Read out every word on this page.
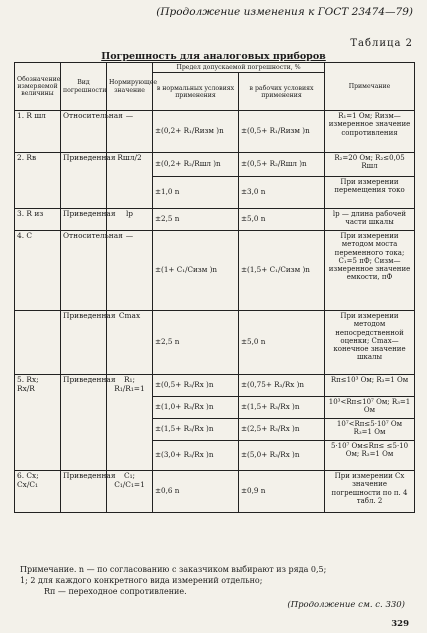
(Продолжение изменения к ГОСТ 23474—79)
Таблица 2
Погрешность для аналоговых приборов
Обозначение измеряемой величины	Вид погрешности	Нормирующее значение	Предел допускаемой погрешности, %		Примечание
			в нормальных условиях применения	в рабочих условиях применения	
1. R шл	Относительная	—	±(0,2+ R₁/Rизм )n	±(0,5+ R₁/Rизм )n	R₁=1 Ом; Rизм—измеренное значение сопротивления
2. Rв	Приведенная	Rшл/2	±(0,2+ R₂/Rшл )n	±(0,5+ R₂/Rшл )n	R₂=20 Ом; R₂≤0,05 Rшл
			±1,0 n	±3,0 n	При измерении перемещения токо
3. R из	Приведенная	lр	±2,5 n	±5,0 n	lр — длина рабочей части шкалы
4. C	Относительная	—	±(1+ C₁/Cизм )n	±(1,5+ C₁/Cизм )n	При измерении методом моста переменного тока; C₁=5 пФ; Cизм—измеренное значение емкости, пФ
	Приведенная	Cmax	±2,5 n	±5,0 n	При измерении методом непосредственной оценки; Cmax—конечное значение шкалы
5. Rx; Rx/R	Приведенная	R₁; R₁/R₁=1	±(0,5+ R₃/Rx )n	±(0,75+ R₃/Rx )n	Rп≤10³ Ом; R₃=1 Ом
			±(1,0+ R₃/Rx )n	±(1,5+ R₃/Rx )n	10³<Rп≤10⁷ Ом; R₃=1 Ом
			±(1,5+ R₃/Rx )n	±(2,5+ R₃/Rx )n	10⁷<Rп≤5·10⁷ Ом R₃=1 Ом
			±(3,0+ R₃/Rx )n	±(5,0+ R₃/Rx )n	5·10⁷ Ом≤Rп≤ ≤5·10 Ом; R₃=1 Ом
6. Cx; Cx/C₁	Приведенная	C₁; C₁/C₁=1	±0,6 n	±0,9 n	При измерении Cx значение погрешности по п. 4 табл. 2
Примечание. n — по согласованию с заказчиком выбирают из ряда 0,5;
1; 2 для каждого конкретного вида измерений отдельно;
Rп — переходное сопротивление.
(Продолжение см. с. 330)
329
